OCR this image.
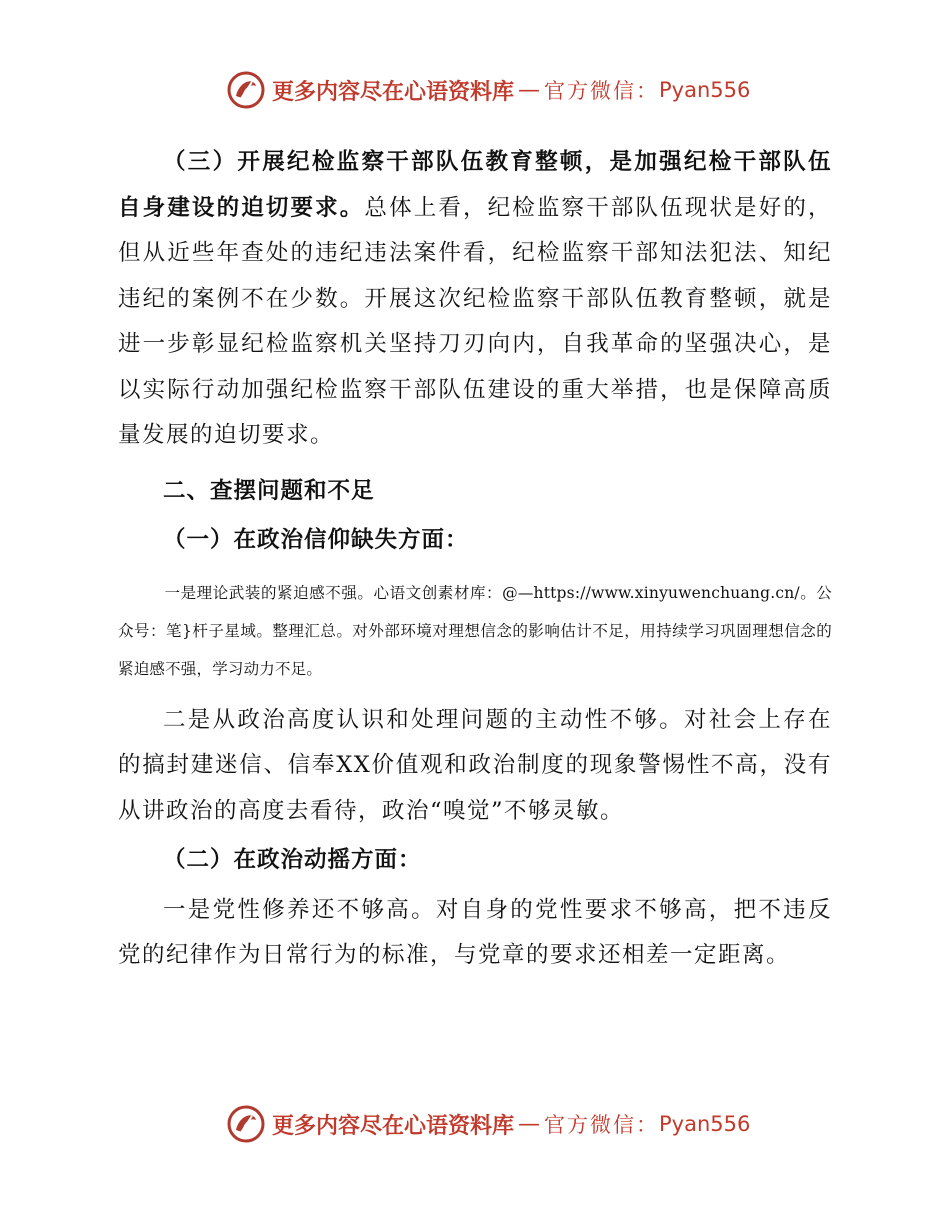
更多内容尽在心语资料库 — 官方微信： Pyan556

（三）开展纪检监察干部队伍教育整顿，是加强纪检干部队伍自身建设的迫切要求。总体上看，纪检监察干部队伍现状是好的，但从近些年查处的违纪违法案件看，纪检监察干部知法犯法、知纪违纪的案例不在少数。开展这次纪检监察干部队伍教育整顿，就是进一步彰显纪检监察机关坚持刀刃向内，自我革命的坚强决心，是以实际行动加强纪检监察干部队伍建设的重大举措，也是保障高质量发展的迫切要求。

二、查摆问题和不足

（一）在政治信仰缺失方面：

一是理论武装的紧迫感不强。心语文创素材库：@—https://www.xinyuwenchuang.cn/。公众号：笔}杆子星域。整理汇总。对外部环境对理想信念的影响估计不足，用持续学习巩固理想信念的紧迫感不强，学习动力不足。

二是从政治高度认识和处理问题的主动性不够。对社会上存在的搞封建迷信、信奉XX价值观和政治制度的现象警惕性不高，没有从讲政治的高度去看待，政治“嗅觉”不够灵敏。

（二）在政治动摇方面：

一是党性修养还不够高。对自身的党性要求不够高，把不违反党的纪律作为日常行为的标准，与党章的要求还相差一定距离。

更多内容尽在心语资料库 — 官方微信： Pyan556
